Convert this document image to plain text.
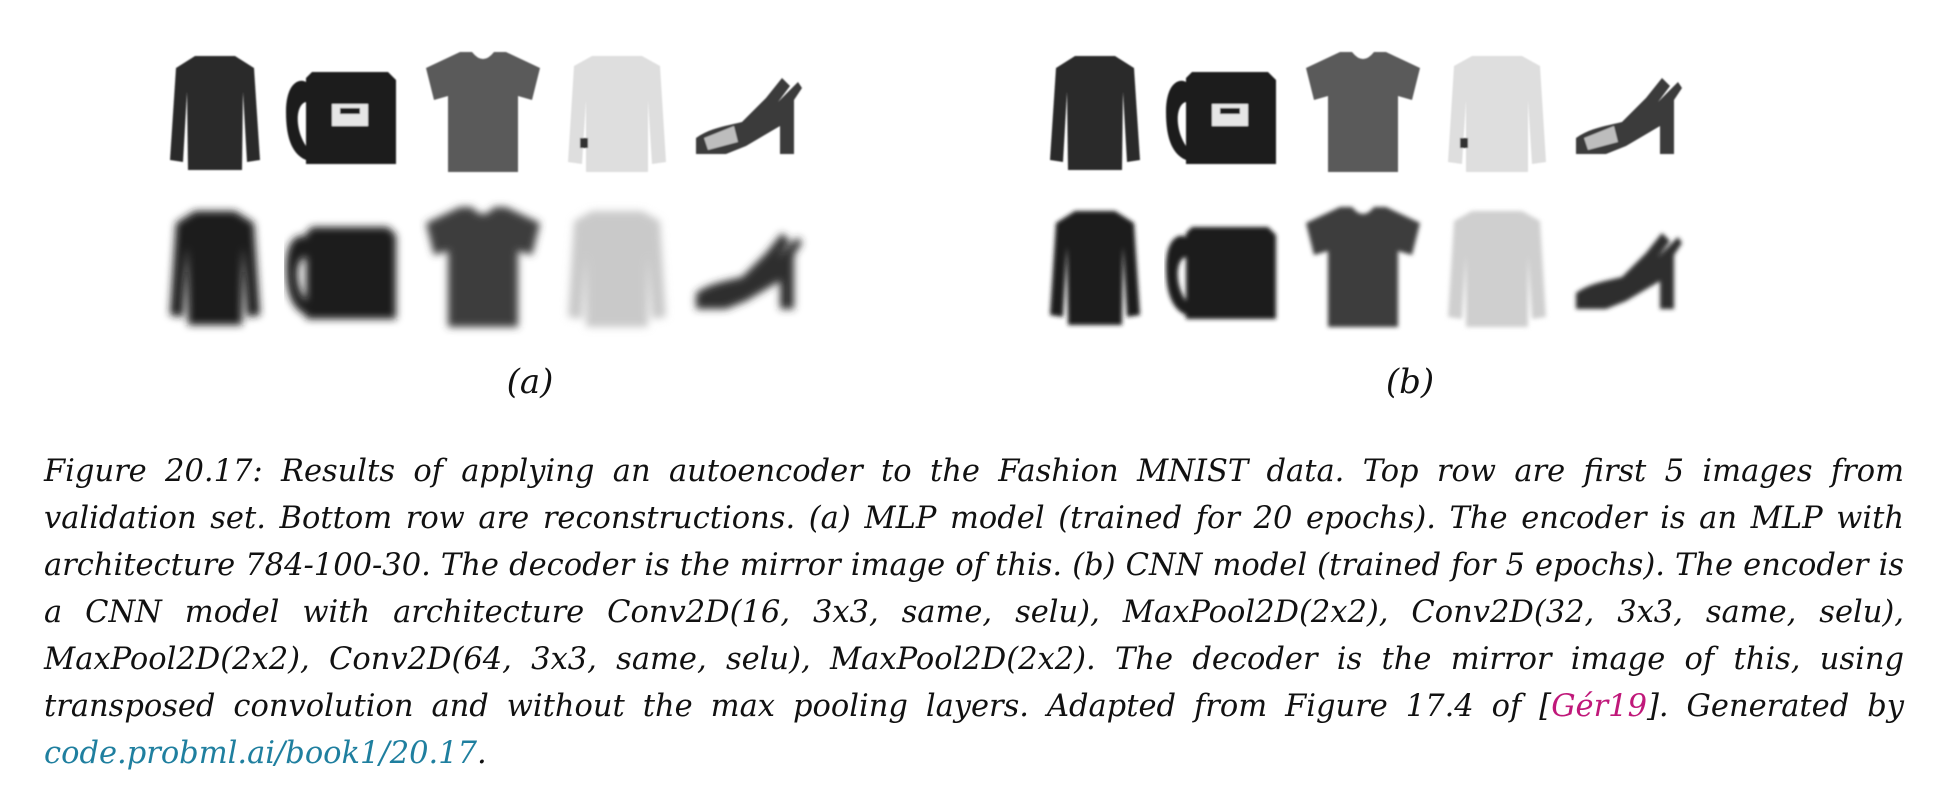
(a)	(b)
Figure 20.17: Results of applying an autoencoder to the Fashion MNIST data. Top row are first 5 images from validation set. Bottom row are reconstructions. (a) MLP model (trained for 20 epochs). The encoder is an MLP with architecture 784-100-30. The decoder is the mirror image of this. (b) CNN model (trained for 5 epochs). The encoder is a CNN model with architecture Conv2D(16, 3x3, same, selu), MaxPool2D(2x2), Conv2D(32, 3x3, same, selu), MaxPool2D(2x2), Conv2D(64, 3x3, same, selu), MaxPool2D(2x2). The decoder is the mirror image of this, using transposed convolution and without the max pooling layers. Adapted from Figure 17.4 of [Gér19]. Generated by code.probml.ai/book1/20.17.
